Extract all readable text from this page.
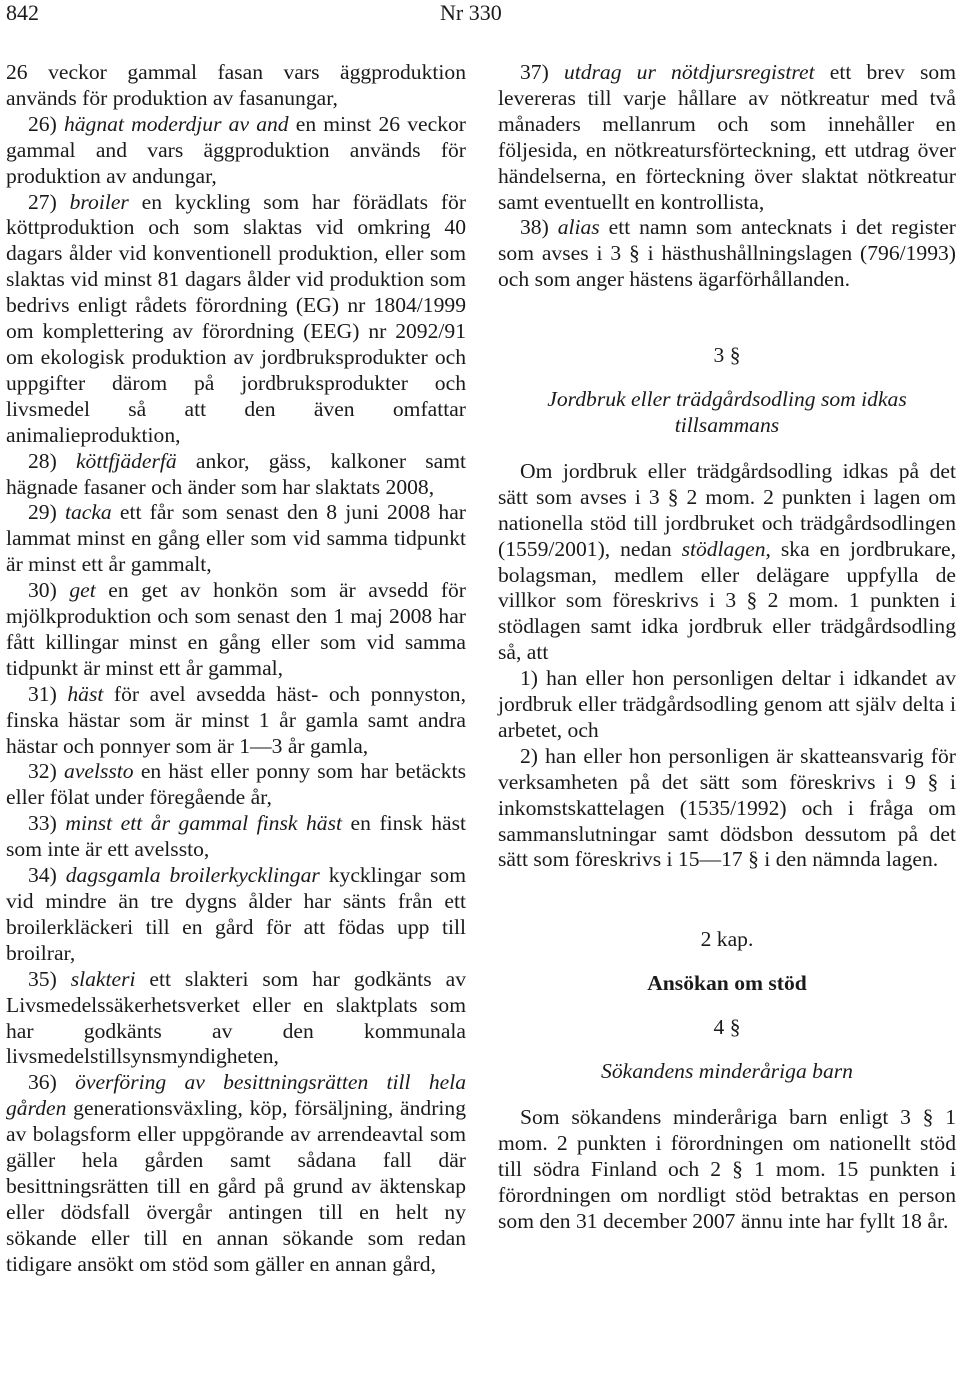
842	Nr 330

26 veckor gammal fasan vars äggproduktion används för produktion av fasanungar,

26) hägnat moderdjur av and en minst 26 veckor gammal and vars äggproduktion används för produktion av andungar,

27) broiler en kyckling som har förädlats för köttproduktion och som slaktas vid omkring 40 dagars ålder vid konventionell produktion, eller som slaktas vid minst 81 dagars ålder vid produktion som bedrivs enligt rådets förordning (EG) nr 1804/1999 om komplettering av förordning (EEG) nr 2092/91 om ekologisk produktion av jordbruksprodukter och uppgifter därom på jordbruksprodukter och livsmedel så att den även omfattar animalieproduktion,

28) köttfjäderfä ankor, gäss, kalkoner samt hägnade fasaner och änder som har slaktats 2008,

29) tacka ett får som senast den 8 juni 2008 har lammat minst en gång eller som vid samma tidpunkt är minst ett år gammalt,

30) get en get av honkön som är avsedd för mjölkproduktion och som senast den 1 maj 2008 har fått killingar minst en gång eller som vid samma tidpunkt är minst ett år gammal,

31) häst för avel avsedda häst- och ponnyston, finska hästar som är minst 1 år gamla samt andra hästar och ponnyer som är 1—3 år gamla,

32) avelssto en häst eller ponny som har betäckts eller fölat under föregående år,

33) minst ett år gammal finsk häst en finsk häst som inte är ett avelssto,

34) dagsgamla broilerkycklingar kycklingar som vid mindre än tre dygns ålder har sänts från ett broilerkläckeri till en gård för att födas upp till broilrar,

35) slakteri ett slakteri som har godkänts av Livsmedelssäkerhetsverket eller en slaktplats som har godkänts av den kommunala livsmedelstillsynsmyndigheten,

36) överföring av besittningsrätten till hela gården generationsväxling, köp, försäljning, ändring av bolagsform eller uppgörande av arrendeavtal som gäller hela gården samt sådana fall där besittningsrätten till en gård på grund av äktenskap eller dödsfall övergår antingen till en helt ny sökande eller till en annan sökande som redan tidigare ansökt om stöd som gäller en annan gård,

37) utdrag ur nötdjursregistret ett brev som levereras till varje hållare av nötkreatur med två månaders mellanrum och som innehåller en följesida, en nötkreatursförteckning, ett utdrag över händelserna, en förteckning över slaktat nötkreatur samt eventuellt en kontrollista,

38) alias ett namn som antecknats i det register som avses i 3 § i hästhushållningslagen (796/1993) och som anger hästens ägarförhållanden.

3 §

Jordbruk eller trädgårdsodling som idkas tillsammans

Om jordbruk eller trädgårdsodling idkas på det sätt som avses i 3 § 2 mom. 2 punkten i lagen om nationella stöd till jordbruket och trädgårdsodlingen (1559/2001), nedan stödlagen, ska en jordbrukare, bolagsman, medlem eller delägare uppfylla de villkor som föreskrivs i 3 § 2 mom. 1 punkten i stödlagen samt idka jordbruk eller trädgårdsodling så, att

1) han eller hon personligen deltar i idkandet av jordbruk eller trädgårdsodling genom att själv delta i arbetet, och

2) han eller hon personligen är skatteansvarig för verksamheten på det sätt som föreskrivs i 9 § i inkomstskattelagen (1535/1992) och i fråga om sammanslutningar samt dödsbon dessutom på det sätt som föreskrivs i 15—17 § i den nämnda lagen.

2 kap.

Ansökan om stöd

4 §

Sökandens minderåriga barn

Som sökandens minderåriga barn enligt 3 § 1 mom. 2 punkten i förordningen om nationellt stöd till södra Finland och 2 § 1 mom. 15 punkten i förordningen om nordligt stöd betraktas en person som den 31 december 2007 ännu inte har fyllt 18 år.
